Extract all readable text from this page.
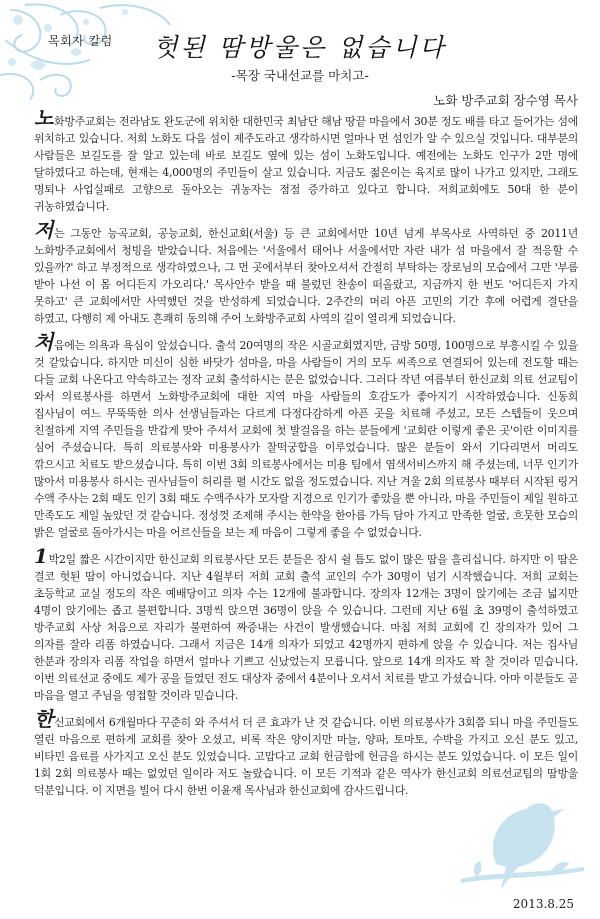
목회자 칼럼	헛된 땀방울은 없습니다
-목장 국내선교를 마치고-
노화 방주교회 장수영 목사

노화방주교회는 전라남도 완도군에 위치한 대한민국 최남단 해남 땅끝 마을에서 30분 정도 배를 타고 들어가는 섬에 위치하고 있습니다. 저희 노화도 다음 섬이 제주도라고 생각하시면 얼마나 먼 섬인가 알 수 있으실 것입니다. 대부분의 사람들은 보길도를 잘 알고 있는데 바로 보길도 옆에 있는 섬이 노화도입니다. 예전에는 노화도 인구가 2만 명에 달하였다고 하는데, 현재는 4,000명의 주민들이 살고 있습니다. 지금도 젊은이는 육지로 많이 나가고 있지만, 그래도 명퇴나 사업실패로 고향으로 돌아오는 귀농자는 점점 증가하고 있다고 합니다. 저희교회에도 50대 한 분이 귀농하였습니다.

저는 그동안 능곡교회, 공능교회, 한신교회(서울) 등 큰 교회에서만 10년 넘게 부목사로 사역하던 중 2011년 노화방주교회에서 청빙을 받았습니다. 처음에는 '서울에서 태어나 서울에서만 자란 내가 섬 마을에서 잘 적응할 수 있을까?' 하고 부정적으로 생각하였으나, 그 먼 곳에서부터 찾아오셔서 간절히 부탁하는 장로님의 모습에서 그만 '부름 받아 나선 이 몸 어디든지 가오리다.' 목사안수 받을 때 불렀던 찬송이 떠올랐고, 지금까지 한 번도 '어디든지 가지 못하고' 큰 교회에서만 사역했던 것을 반성하게 되었습니다. 2주간의 머리 아픈 고민의 기간 후에 어렵게 결단을 하였고, 다행히 제 아내도 흔쾌히 동의해 주어 노화방주교회 사역의 길이 열리게 되었습니다.

처음에는 의욕과 욕심이 앞섰습니다. 출석 20여명의 작은 시골교회였지만, 금방 50명, 100명으로 부흥시킬 수 있을 것 같았습니다. 하지만 미신이 심한 바닷가 섬마을, 마을 사람들이 거의 모두 씨족으로 연결되어 있는데 전도할 때는 다들 교회 나온다고 약속하고는 정작 교회 출석하시는 분은 없었습니다. 그러다 작년 여름부터 한신교회 의료 선교팀이 와서 의료봉사를 하면서 노화방주교회에 대한 지역 마을 사람들의 호감도가 좋아지기 시작하였습니다. 신동희 집사님이 여느 무뚝뚝한 의사 선생님들과는 다르게 다정다감하게 아픈 곳을 치료해 주셨고, 모든 스텝들이 웃으며 친절하게 지역 주민들을 반갑게 맞아 주셔서 교회에 첫 발걸음을 하는 분들에게 '교회란 이렇게 좋은 곳'이란 이미지를 심어 주셨습니다. 특히 의료봉사와 미용봉사가 찰떡궁합을 이루었습니다. 많은 분들이 와서 기다리면서 머리도 깎으시고 치료도 받으셨습니다. 특히 이번 3회 의료봉사에서는 미용 팀에서 염색서비스까지 해 주셨는데, 너무 인기가 많아서 미용봉사 하시는 권사님들이 허리를 펼 시간도 없을 정도였습니다. 지난 겨울 2회 의료봉사 때부터 시작된 링거 수액 주사는 2회 때도 인기 3회 때도 수액주사가 모자랄 지경으로 인기가 좋았을 뿐 아니라, 마을 주민들이 제일 원하고 만족도도 제일 높았던 것 같습니다. 정성껏 조제해 주시는 한약을 한아름 가득 담아 가지고 만족한 얼굴, 흐뭇한 모습의 밝은 얼굴로 돌아가시는 마을 어르신들을 보는 제 마음이 그렇게 좋을 수 없었습니다.

1박2일 짧은 시간이지만 한신교회 의료봉사단 모든 분들은 잠시 쉴 틈도 없이 많은 땀을 흘리십니다. 하지만 이 땀은 결코 헛된 땀이 아니었습니다. 지난 4월부터 저희 교회 출석 교인의 수가 30명이 넘기 시작했습니다. 저희 교회는 초등학교 교실 정도의 작은 예배당이고 의자 수는 12개에 불과합니다. 장의자 12개는 3명이 앉기에는 조금 넓지만 4명이 앉기에는 좁고 불편합니다. 3명씩 앉으면 36명이 앉을 수 있습니다. 그런데 지난 6월 초 39명이 출석하였고 방주교회 사상 처음으로 자리가 불편하여 짜증내는 사건이 발생했습니다. 마침 저희 교회에 긴 장의자가 있어 그 의자를 잘라 리폼 하였습니다. 그래서 지금은 14개 의자가 되었고 42명까지 편하게 앉을 수 있습니다. 저는 집사님 한분과 장의자 리폼 작업을 하면서 얼마나 기쁘고 신났었는지 모릅니다. 앞으로 14개 의자도 꽉 찰 것이라 믿습니다. 이번 의료선교 중에도 제가 공을 들였던 전도 대상자 중에서 4분이나 오셔서 치료를 받고 가셨습니다. 아마 이분들도 곧 마음을 열고 주님을 영접할 것이라 믿습니다.

한신교회에서 6개월마다 꾸준히 와 주셔서 더 큰 효과가 난 것 같습니다. 이번 의료봉사가 3회쯤 되니 마을 주민들도 열린 마음으로 편하게 교회를 찾아 오셨고, 비록 작은 양이지만 마늘, 양파, 토마토, 수박을 가지고 오신 분도 있고, 비타민 음료를 사가지고 오신 분도 있었습니다. 고맙다고 교회 헌금함에 헌금을 하시는 분도 있었습니다. 이 모든 일이 1회 2회 의료봉사 때는 없었던 일이라 저도 놀랐습니다. 이 모든 기적과 같은 역사가 한신교회 의료선교팀의 땀방울 덕분입니다. 이 지면을 빌어 다시 한번 이윤재 목사님과 한신교회에 감사드립니다.

2013.8.25
